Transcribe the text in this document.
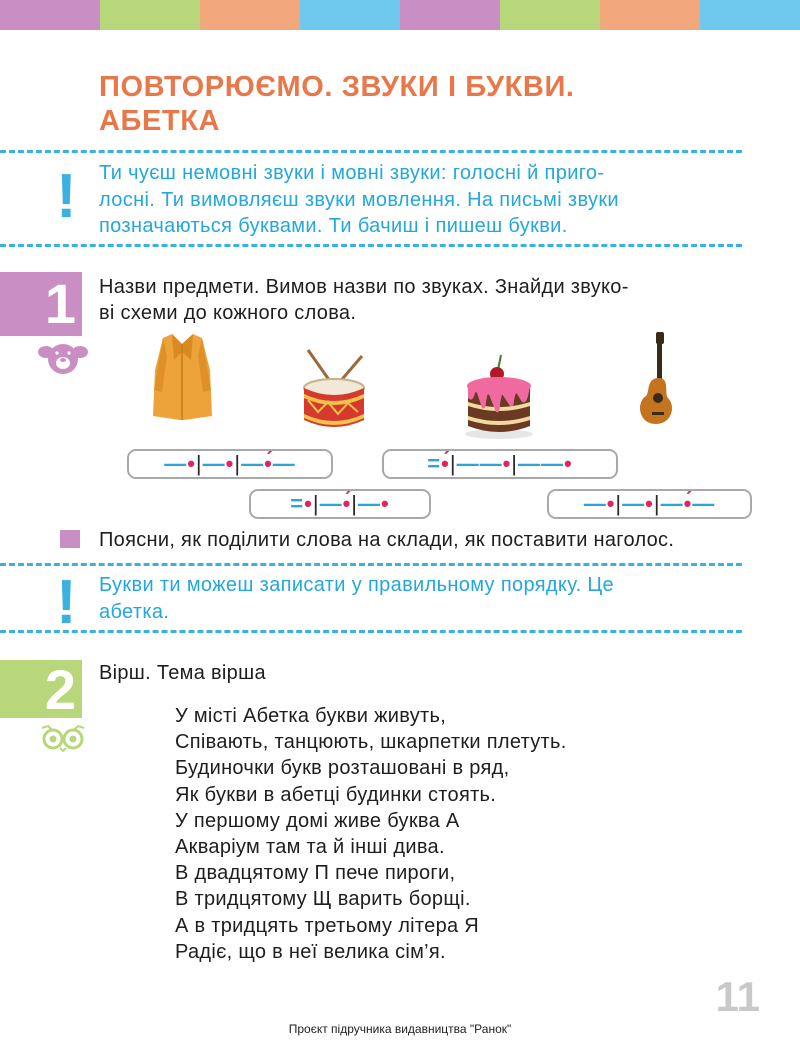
ПОВТОРЮЄМО. ЗВУКИ І БУКВИ.
АБЕТКА
! Ти чуєш немовні звуки і мовні звуки: голосні й приго-
лосні. Ти вимовляєш звуки мовлення. На письмі звуки
позначаються буквами. Ти бачиш і пишеш букви.
1	Назви предмети. Вимов назви по звуках. Знайди звуко-
ві схеми до кожного слова.
— • | — • | — •́ —	= •́ | —— • | —— •
= • | — •́ | — •	— • | — • | — •́ —
Поясни, як поділити слова на склади, як поставити наголос.
! Букви ти можеш записати у правильному порядку. Це
абетка.
2	Вірш. Тема вірша
У місті Абетка букви живуть,
Співають, танцюють, шкарпетки плетуть.
Будиночки букв розташовані в ряд,
Як букви в абетці будинки стоять.
У першому домі живе буква А
Акваріум там та й інші дива.
В двадцятому П пече пироги,
В тридцятому Щ варить борщі.
А в тридцять третьому літера Я
Радіє, що в неї велика сім’я.
11
Проєкт підручника видавництва "Ранок"
